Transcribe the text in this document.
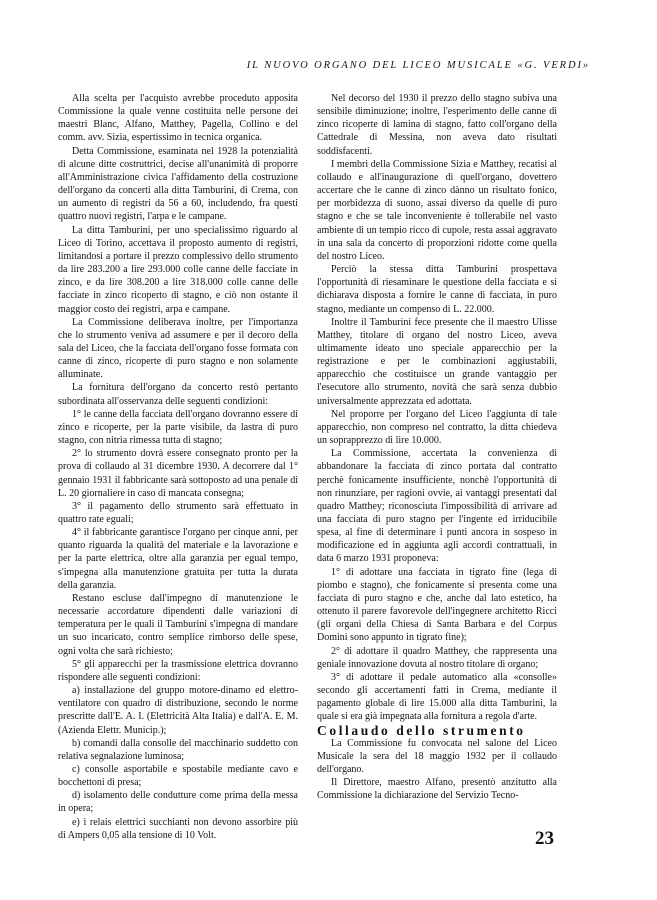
IL NUOVO ORGANO DEL LICEO MUSICALE «G. VERDI»

Alla scelta per l'acquisto avrebbe proceduto apposita Commissione la quale venne costituita nelle persone dei maestri Blanc, Alfano, Matthey, Pagella, Collino e del comm. avv. Sizia, espertissimo in tecnica organica.

Detta Commissione, esaminata nel 1928 la potenzialità di alcune ditte costruttrici, decise all'unanimità di proporre all'Amministrazione civica l'affidamento della costruzione dell'organo da concerti alla ditta Tamburini, di Crema, con un aumento di registri da 56 a 60, includendo, fra questi quattro nuovi registri, l'arpa e le campane.

La ditta Tamburini, per uno specialissimo riguardo al Liceo di Torino, accettava il proposto aumento di registri, limitandosi a portare il prezzo complessivo dello strumento da lire 283.200 a lire 293.000 colle canne delle facciate in zinco, e da lire 308.200 a lire 318.000 colle canne delle facciate in zinco ricoperto di stagno, e ciò non ostante il maggior costo dei registri, arpa e campane.

La Commissione deliberava inoltre, per l'importanza che lo strumento veniva ad assumere e per il decoro della sala del Liceo, che la facciata dell'organo fosse formata con canne di zinco, ricoperte di puro stagno e non solamente alluminate.

La fornitura dell'organo da concerto restò pertanto subordinata all'osservanza delle seguenti condizioni:

1° le canne della facciata dell'organo dovranno essere di zinco e ricoperte, per la parte visibile, da lastra di puro stagno, con nitria rimessa tutta di stagno;

2° lo strumento dovrà essere consegnato pronto per la prova di collaudo al 31 dicembre 1930. A decorrere dal 1° gennaio 1931 il fabbricante sarà sottoposto ad una penale di L. 20 giornaliere in caso di mancata consegna;

3° il pagamento dello strumento sarà effettuato in quattro rate eguali;

4° il fabbricante garantisce l'organo per cinque anni, per quanto riguarda la qualità del materiale e la lavorazione e per la parte elettrica, oltre alla garanzia per egual tempo, s'impegna alla manutenzione gratuita per tutta la durata della garanzia.

Restano escluse dall'impegno di manutenzione le necessarie accordature dipendenti dalle variazioni di temperatura per le quali il Tamburini s'impegna di mandare un suo incaricato, contro semplice rimborso delle spese, ogni volta che sarà richiesto;

5° gli apparecchi per la trasmissione elettrica dovranno rispondere alle seguenti condizioni:

a) installazione del gruppo motore-dinamo ed elettro-ventilatore con quadro di distribuzione, secondo le norme prescritte dall'E. A. I. (Elettricità Alta Italia) e dall'A. E. M. (Azienda Elettr. Municip.);

b) comandi dalla consolle del macchinario suddetto con relativa segnalazione luminosa;

c) consolle asportabile e spostabile mediante cavo e bocchettoni di presa;

d) isolamento delle condutture come prima della messa in opera;

e) i relais elettrici succhianti non devono assorbire più di Ampers 0,05 alla tensione di 10 Volt.

Nel decorso del 1930 il prezzo dello stagno subiva una sensibile diminuzione; inoltre, l'esperimento delle canne di zinco ricoperte di lamina di stagno, fatto coll'organo della Cattedrale di Messina, non aveva dato risultati soddisfacenti.

I membri della Commissione Sizia e Matthey, recatisi al collaudo e all'inaugurazione di quell'organo, dovettero accertare che le canne di zinco dànno un risultato fonico, per morbidezza di suono, assai diverso da quelle di puro stagno e che se tale inconveniente è tollerabile nel vasto ambiente di un tempio ricco di cupole, resta assai aggravato in una sala da concerto di proporzioni ridotte come quella del nostro Liceo.

Perciò la stessa ditta Tamburini prospettava l'opportunità di riesaminare le questione della facciata e si dichiarava disposta a fornire le canne di facciata, in puro stagno, mediante un compenso di L. 22.000.

Inoltre il Tamburini fece presente che il maestro Ulisse Matthey, titolare di organo del nostro Liceo, aveva ultimamente ideato uno speciale apparecchio per la registrazione e per le combinazioni aggiustabili, apparecchio che costituisce un grande vantaggio per l'esecutore allo strumento, novità che sarà senza dubbio universalmente apprezzata ed adottata.

Nel proporre per l'organo del Liceo l'aggiunta di tale apparecchio, non compreso nel contratto, la ditta chiedeva un soprapprezzo di lire 10.000.

La Commissione, accertata la convenienza di abbandonare la facciata di zinco portata dal contratto perchè fonicamente insufficiente, nonchè l'opportunità di non rinunziare, per ragioni ovvie, ai vantaggi presentati dal quadro Matthey; riconosciuta l'impossibilità di arrivare ad una facciata di puro stagno per l'ingente ed irriducibile spesa, al fine di determinare i punti ancora in sospeso in modificazione ed in aggiunta agli accordi contrattuali, in data 6 marzo 1931 proponeva:

1° di adottare una facciata in tigrato fine (lega di piombo e stagno), che fonicamente si presenta come una facciata di puro stagno e che, anche dal lato estetico, ha ottenuto il parere favorevole dell'ingegnere architetto Ricci (gli organi della Chiesa di Santa Barbara e del Corpus Domini sono appunto in tigrato fine);

2° di adottare il quadro Matthey, che rappresenta una geniale innovazione dovuta al nostro titolare di organo;

3° di adottare il pedale automatico alla «consolle» secondo gli accertamenti fatti in Crema, mediante il pagamento globale di lire 15.000 alla ditta Tamburini, la quale si era già impegnata alla fornitura a regola d'arte.

Collaudo dello strumento

La Commissione fu convocata nel salone del Liceo Musicale la sera del 18 maggio 1932 per il collaudo dell'organo.

Il Direttore, maestro Alfano, presentò anzitutto alla Commissione la dichiarazione del Servizio Tecno-

23
